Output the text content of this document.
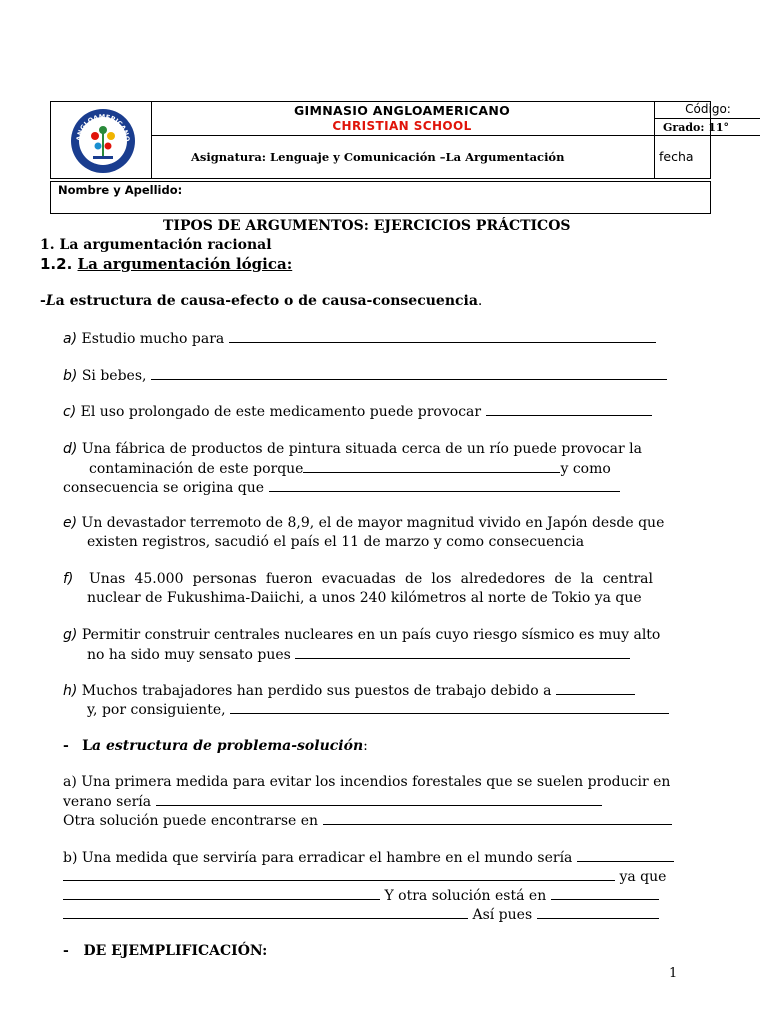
ANGLOAMERICANO
GIMNASIO ANGLOAMERICANO
CHRISTIAN SCHOOL
Asignatura: Lenguaje y Comunicación –La Argumentación
Código:
Grado: 11°
fecha
Nombre y Apellido:
TIPOS DE ARGUMENTOS: EJERCICIOS PRÁCTICOS
1. La argumentación racional
1.2. La argumentación lógica:
-La estructura de causa-efecto o de causa-consecuencia.
a) Estudio mucho para
b) Si bebes,
c) El uso prolongado de este medicamento puede provocar
d) Una fábrica de productos de pintura situada cerca de un río puede provocar la
contaminación de este porque	y como
consecuencia se origina que
e) Un devastador terremoto de 8,9, el de mayor magnitud vivido en Japón desde que
existen registros, sacudió el país el 11 de marzo y como consecuencia
f) Unas 45.000 personas fueron evacuadas de los alrededores de la central
nuclear de Fukushima-Daiichi, a unos 240 kilómetros al norte de Tokio ya que
g) Permitir construir centrales nucleares en un país cuyo riesgo sísmico es muy alto
no ha sido muy sensato pues
h) Muchos trabajadores han perdido sus puestos de trabajo debido a
y, por consiguiente,
- La estructura de problema-solución:
a) Una primera medida para evitar los incendios forestales que se suelen producir en
verano sería
Otra solución puede encontrarse en
b) Una medida que serviría para erradicar el hambre en el mundo sería
ya que
Y otra solución está en
Así pues
- DE EJEMPLIFICACIÓN:
1
